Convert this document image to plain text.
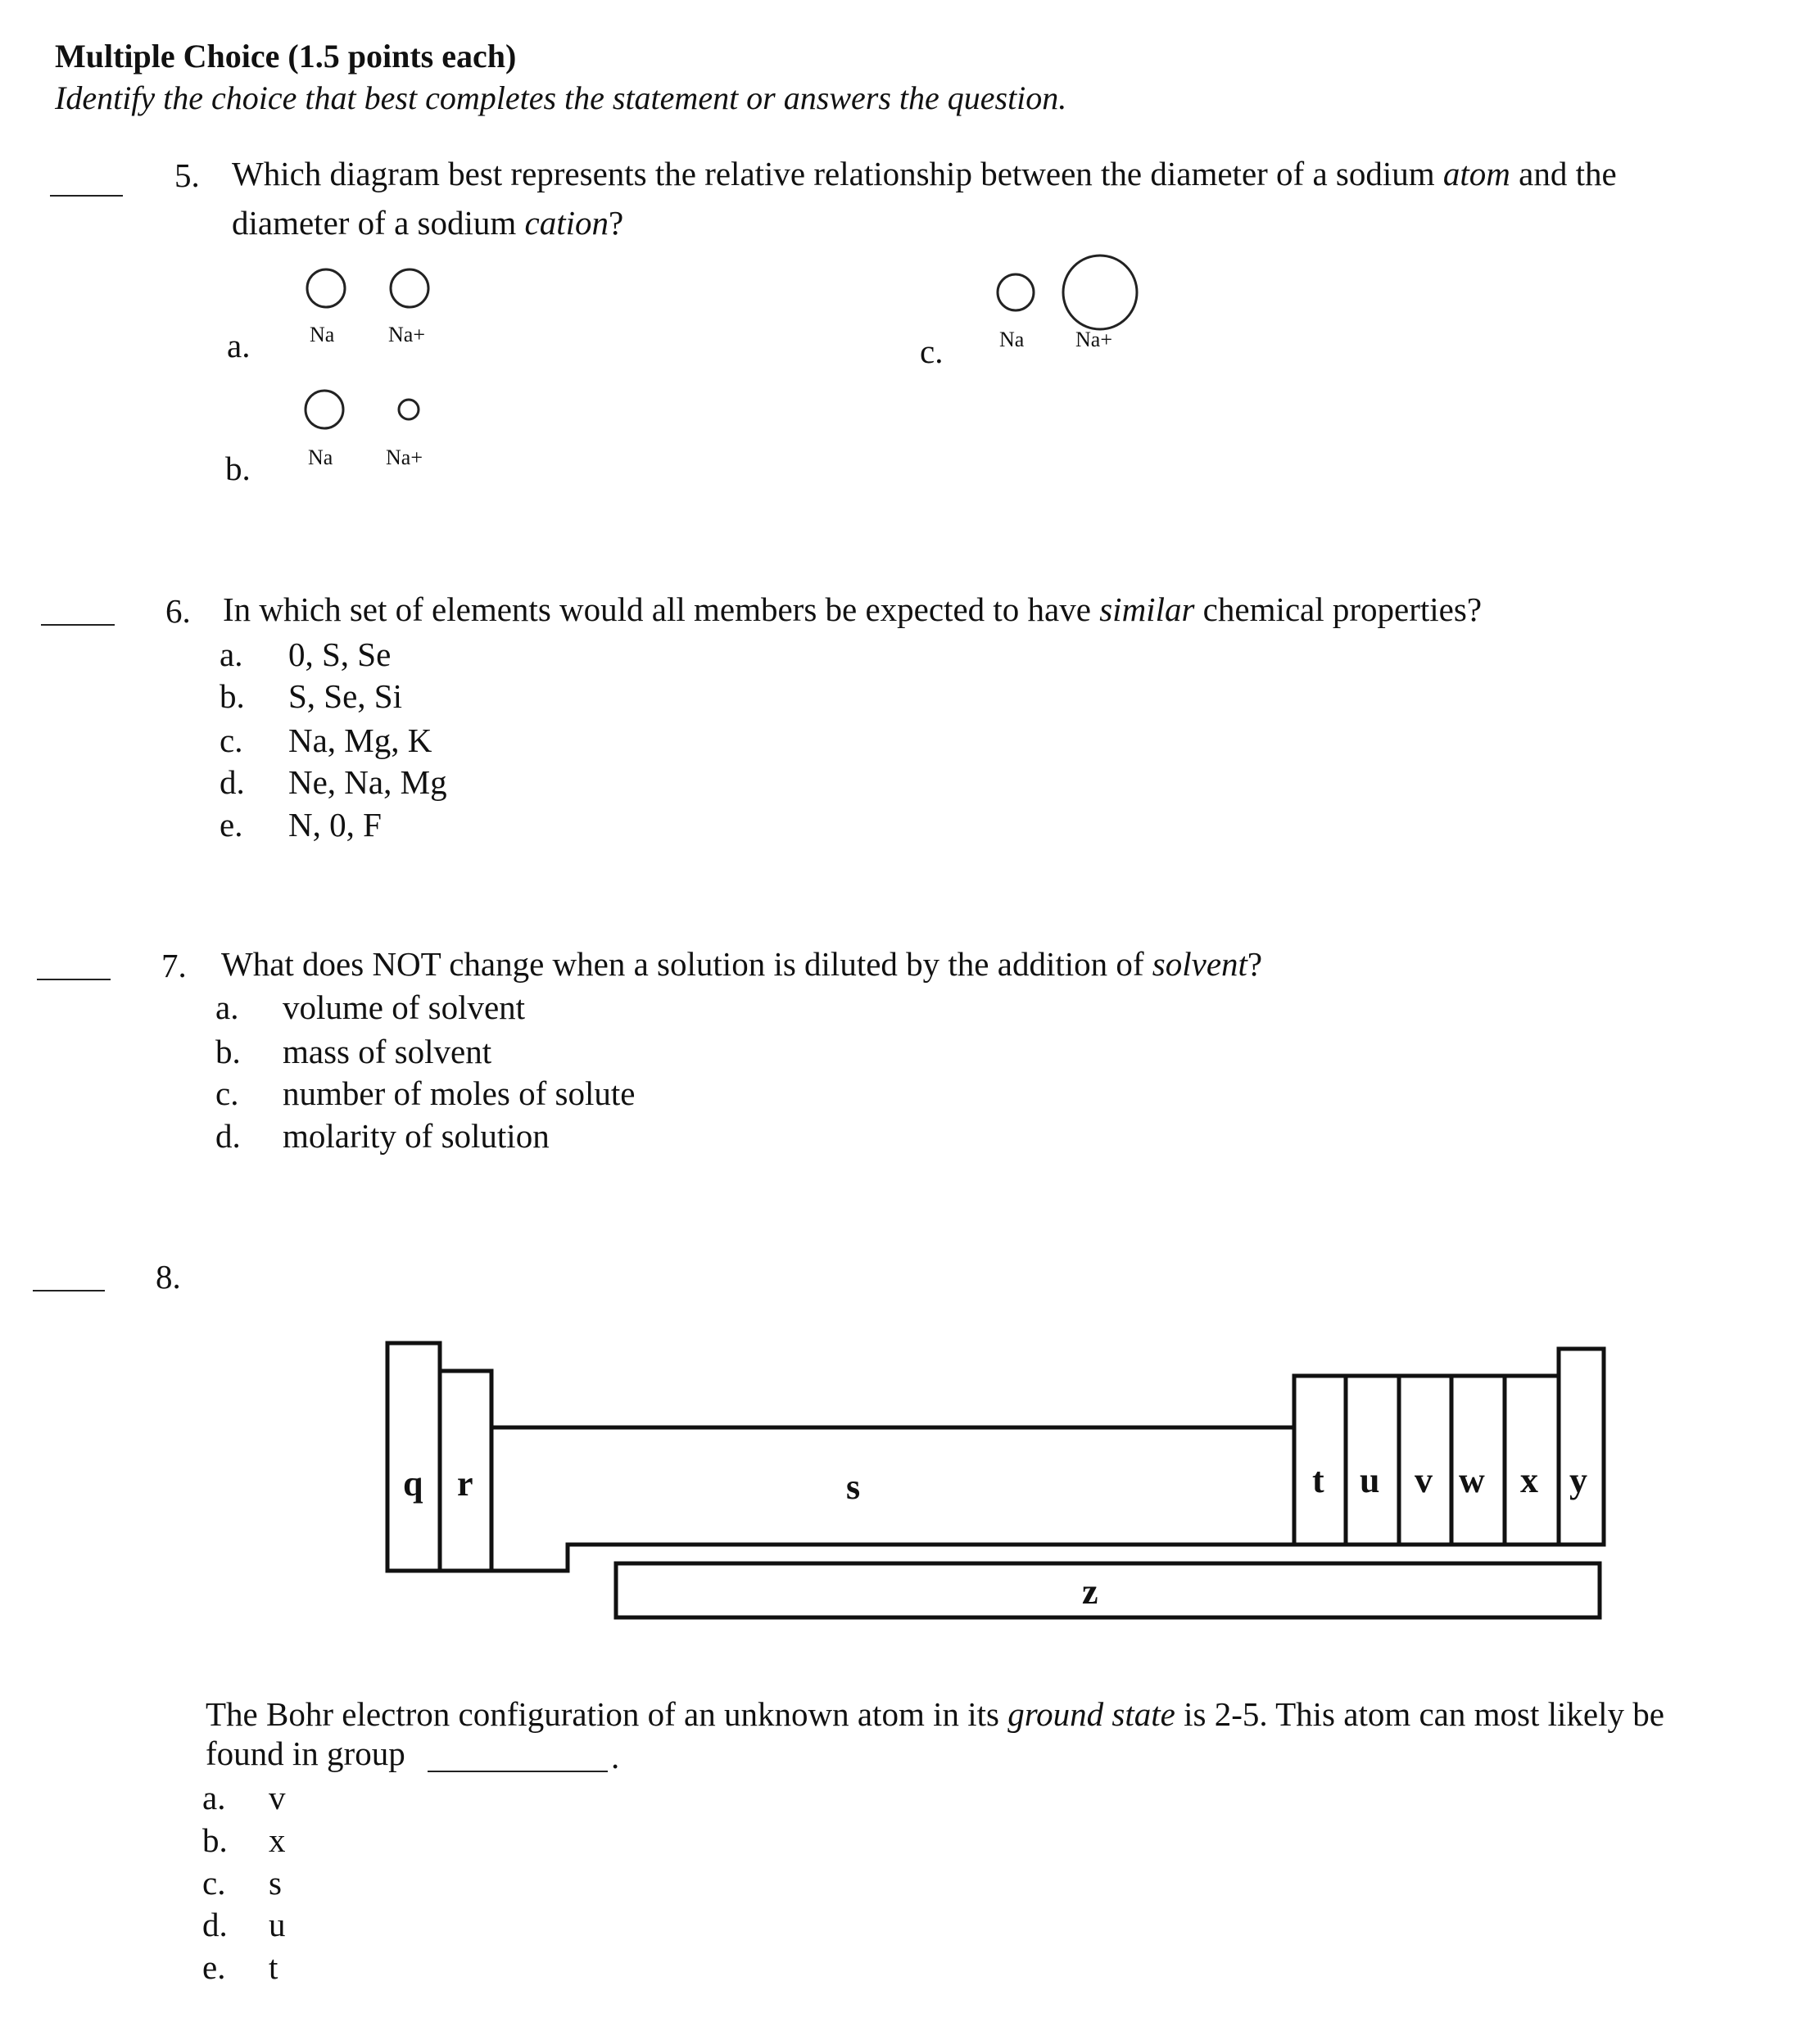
Multiple Choice (1.5 points each)
Identify the choice that best completes the statement or answers the question.
5. Which diagram best represents the relative relationship between the diameter of a sodium atom and the
diameter of a sodium cation?
a.	Na	Na+
b.	Na Na+
c.	Na Na+
6. In which set of elements would all members be expected to have similar chemical properties?
a. 0, S, Se
b. S, Se, Si
c. Na, Mg, K
d. Ne, Na, Mg
e. N, 0, F
7. What does NOT change when a solution is diluted by the addition of solvent?
a. volume of solvent
b. mass of solvent
c. number of moles of solute
d. molarity of solution
8.
q r	s	t u v w x y
z
The Bohr electron configuration of an unknown atom in its ground state is 2-5. This atom can most likely be
found in group	.
a. v
b. x
c. s
d. u
e. t
